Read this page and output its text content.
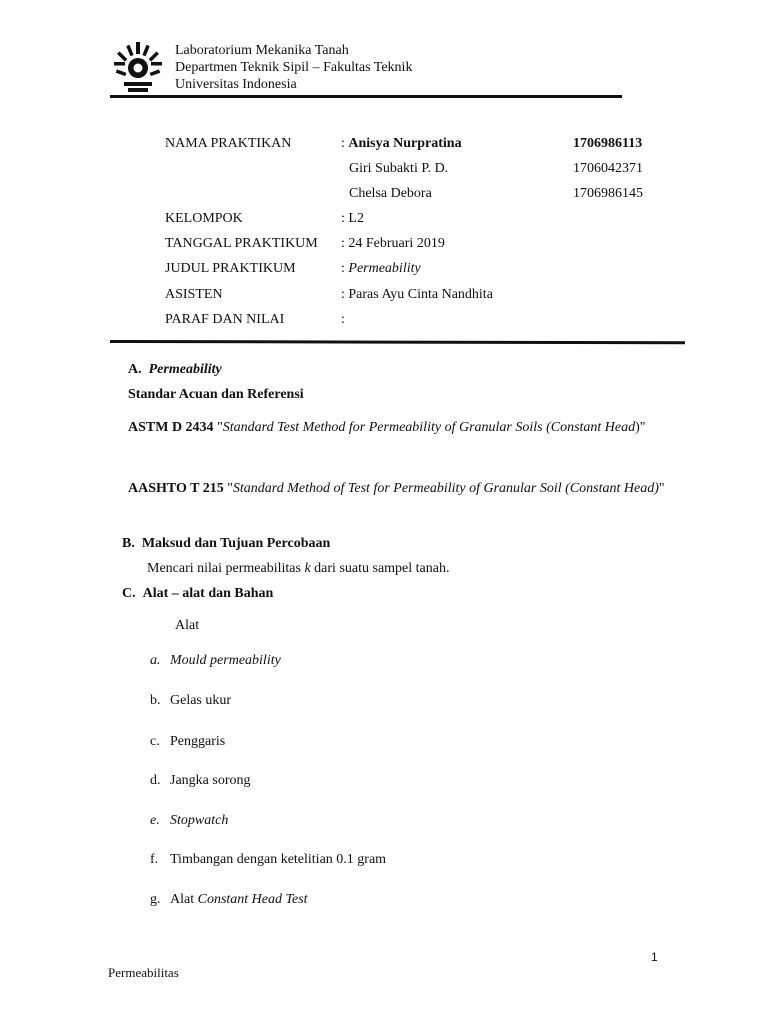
Laboratorium Mekanika Tanah
Departmen Teknik Sipil – Fakultas Teknik
Universitas Indonesia
NAMA PRAKTIKAN	: Anisya Nurpratina	1706986113
Giri Subakti P. D.	1706042371
Chelsa Debora	1706986145
KELOMPOK	: L2
TANGGAL PRAKTIKUM : 24 Februari 2019
JUDUL PRAKTIKUM	: Permeability
ASISTEN	: Paras Ayu Cinta Nandhita
PARAF DAN NILAI	:
A. Permeability
Standar Acuan dan Referensi
ASTM D 2434 "Standard Test Method for Permeability of Granular Soils (Constant Head)"
AASHTO T 215 "Standard Method of Test for Permeability of Granular Soil (Constant Head)"
B. Maksud dan Tujuan Percobaan
Mencari nilai permeabilitas k dari suatu sampel tanah.
C. Alat – alat dan Bahan
Alat
a. Mould permeability
b. Gelas ukur
c. Penggaris
d. Jangka sorong
e. Stopwatch
f. Timbangan dengan ketelitian 0.1 gram
g. Alat Constant Head Test
1
Permeabilitas
